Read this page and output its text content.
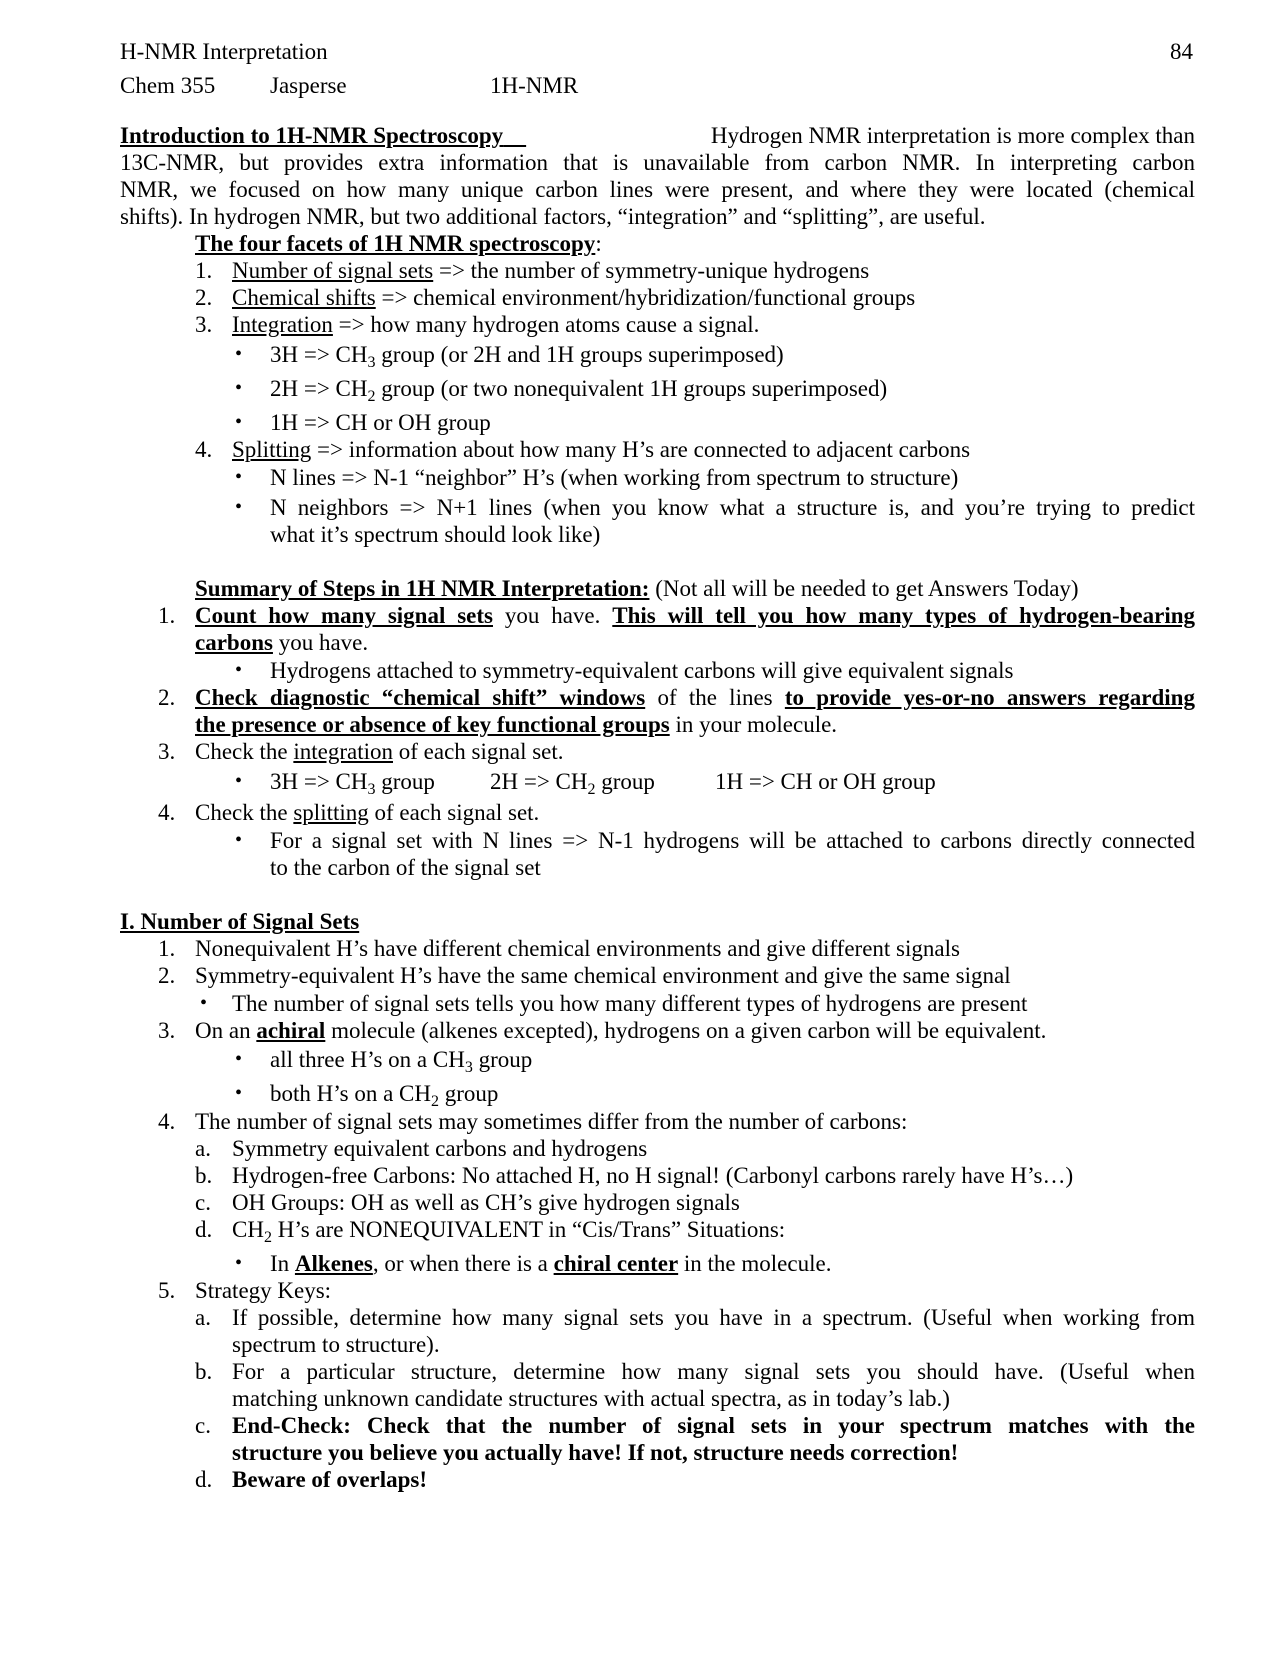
H-NMR Interpretation	84
Chem 355 Jasperse	1H-NMR
Introduction to 1H-NMR Spectroscopy	Hydrogen NMR interpretation is more complex than
13C-NMR, but provides extra information that is unavailable from carbon NMR. In interpreting carbon
NMR, we focused on how many unique carbon lines were present, and where they were located (chemical
shifts). In hydrogen NMR, but two additional factors, “integration” and “splitting”, are useful.
The four facets of 1H NMR spectroscopy:
1. Number of signal sets => the number of symmetry-unique hydrogens
2. Chemical shifts => chemical environment/hybridization/functional groups
3. Integration => how many hydrogen atoms cause a signal.
• $3H => CH_3$ group (or 2H and 1H groups superimposed)
• $2H => CH_2$ group (or two nonequivalent 1H groups superimposed)
• 1H => CH or OH group
4. Splitting => information about how many H’s are connected to adjacent carbons
• N lines => N-1 “neighbor” H’s (when working from spectrum to structure)
• N neighbors => N+1 lines (when you know what a structure is, and you’re trying to predict
what it’s spectrum should look like)
Summary of Steps in 1H NMR Interpretation: (Not all will be needed to get Answers Today)
1. Count how many signal sets you have. This will tell you how many types of hydrogen-bearing
carbons you have.
• Hydrogens attached to symmetry-equivalent carbons will give equivalent signals
2. Check diagnostic “chemical shift” windows of the lines to provide yes-or-no answers regarding
the presence or absence of key functional groups in your molecule.
3. Check the integration of each signal set.
• $3H => CH_3$ group $2H => CH_2$ group	1H => CH or OH group
4. Check the splitting of each signal set.
• For a signal set with N lines => N-1 hydrogens will be attached to carbons directly connected
to the carbon of the signal set
I. Number of Signal Sets
1. Nonequivalent H’s have different chemical environments and give different signals
2. Symmetry-equivalent H’s have the same chemical environment and give the same signal
• The number of signal sets tells you how many different types of hydrogens are present
3. On an achiral molecule (alkenes excepted), hydrogens on a given carbon will be equivalent.
• all three H’s on a $CH_3$ group
• both H’s on a $CH_2$ group
4. The number of signal sets may sometimes differ from the number of carbons:
a. Symmetry equivalent carbons and hydrogens
b. Hydrogen-free Carbons: No attached H, no H signal! (Carbonyl carbons rarely have H’s…)
c. OH Groups: OH as well as CH’s give hydrogen signals
d. $CH_2$ H’s are NONEQUIVALENT in “Cis/Trans” Situations:
• In Alkenes, or when there is a chiral center in the molecule.
5. Strategy Keys:
a. If possible, determine how many signal sets you have in a spectrum. (Useful when working from
spectrum to structure).
b. For a particular structure, determine how many signal sets you should have. (Useful when
matching unknown candidate structures with actual spectra, as in today’s lab.)
c. End-Check: Check that the number of signal sets in your spectrum matches with the
structure you believe you actually have! If not, structure needs correction!
d. Beware of overlaps!
